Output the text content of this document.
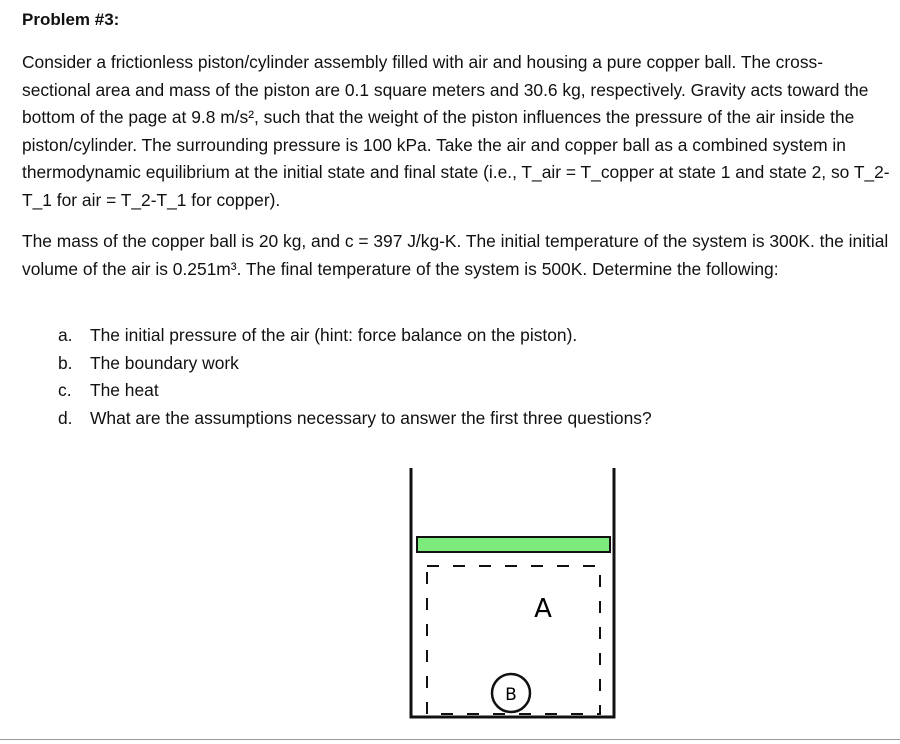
Problem #3:

Consider a frictionless piston/cylinder assembly filled with air and housing a pure copper ball. The cross-sectional area and mass of the piston are 0.1 square meters and 30.6 kg, respectively. Gravity acts toward the bottom of the page at 9.8 m/s², such that the weight of the piston influences the pressure of the air inside the piston/cylinder. The surrounding pressure is 100 kPa. Take the air and copper ball as a combined system in thermodynamic equilibrium at the initial state and final state (i.e., T_air = T_copper at state 1 and state 2, so T_2-T_1 for air = T_2-T_1 for copper).

The mass of the copper ball is 20 kg, and c = 397 J/kg-K. The initial temperature of the system is 300K. the initial volume of the air is 0.251m³. The final temperature of the system is 500K. Determine the following:

a.	The initial pressure of the air (hint: force balance on the piston).
b.	The boundary work
c.	The heat
d.	What are the assumptions necessary to answer the first three questions?
A
B
